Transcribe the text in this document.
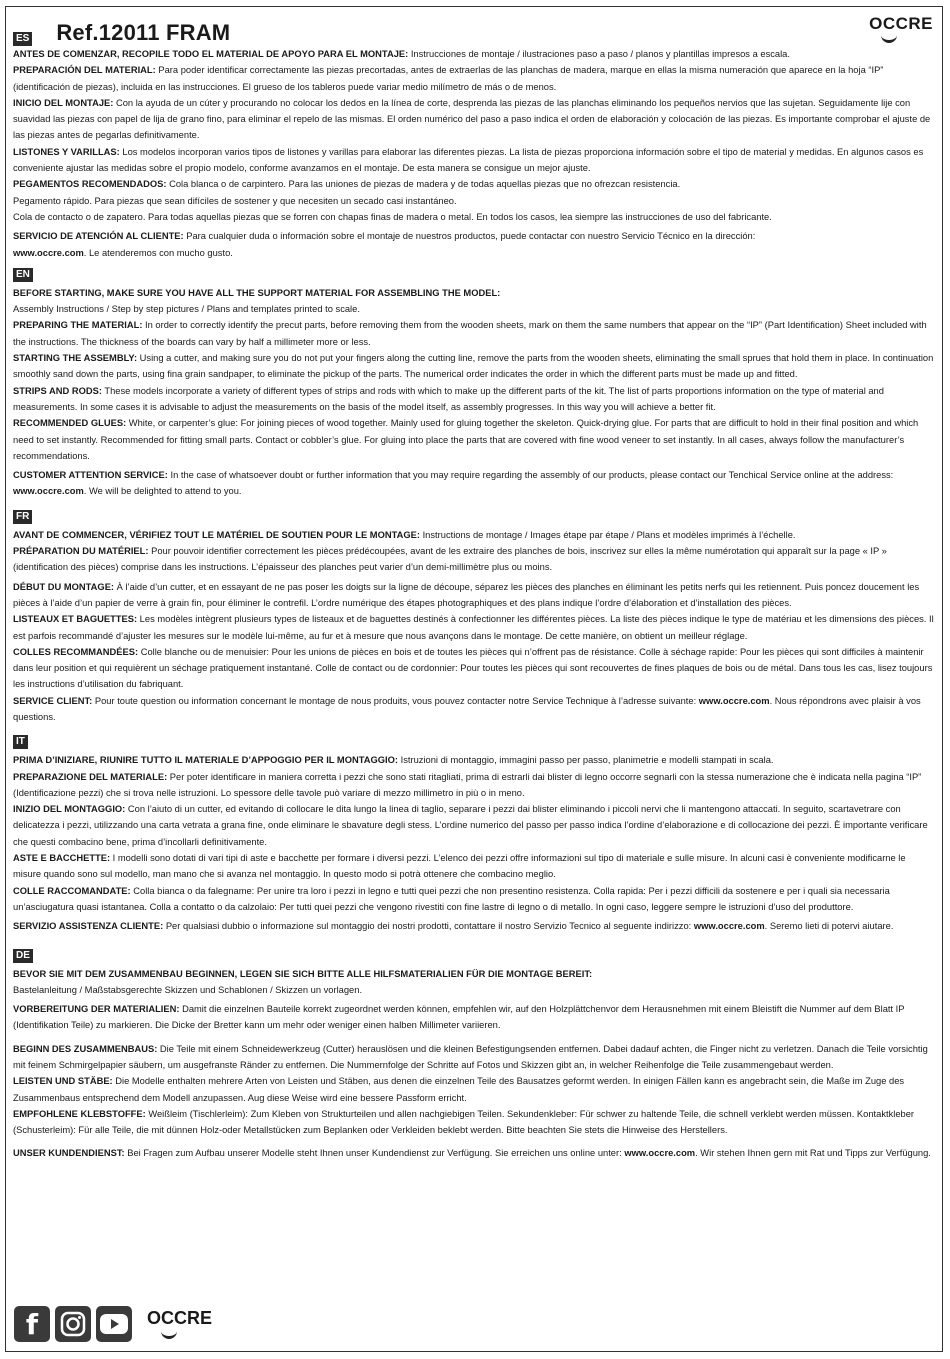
ES Ref.12011 FRAM	OCCRE

ANTES DE COMENZAR, RECOPILE TODO EL MATERIAL DE APOYO PARA EL MONTAJE: Instrucciones de montaje / ilustraciones paso a paso / planos y plantillas impresos a escala.

PREPARACIÓN DEL MATERIAL: Para poder identificar correctamente las piezas precortadas, antes de extraerlas de las planchas de madera, marque en ellas la misma numeración que aparece en la hoja “IP” (identificación de piezas), incluida en las instrucciones. El grueso de los tableros puede variar medio milímetro de más o de menos.

INICIO DEL MONTAJE: Con la ayuda de un cúter y procurando no colocar los dedos en la línea de corte, desprenda las piezas de las planchas eliminando los pequeños nervios que las sujetan. Seguidamente lije con suavidad las piezas con papel de lija de grano fino, para eliminar el repelo de las mismas. El orden numérico del paso a paso indica el orden de elaboración y colocación de las piezas. Es importante comprobar el ajuste de las piezas antes de pegarlas definitivamente.

LISTONES Y VARILLAS: Los modelos incorporan varios tipos de listones y varillas para elaborar las diferentes piezas. La lista de piezas proporciona información sobre el tipo de material y medidas. En algunos casos es conveniente ajustar las medidas sobre el propio modelo, conforme avanzamos en el montaje. De esta manera se consigue un mejor ajuste.

PEGAMENTOS RECOMENDADOS: Cola blanca o de carpintero. Para las uniones de piezas de madera y de todas aquellas piezas que no ofrezcan resistencia.

Pegamento rápido. Para piezas que sean difíciles de sostener y que necesiten un secado casi instantáneo.

Cola de contacto o de zapatero. Para todas aquellas piezas que se forren con chapas finas de madera o metal. En todos los casos, lea siempre las instrucciones de uso del fabricante.

SERVICIO DE ATENCIÓN AL CLIENTE: Para cualquier duda o información sobre el montaje de nuestros productos, puede contactar con nuestro Servicio Técnico en la dirección:
www.occre.com. Le atenderemos con mucho gusto.

EN

BEFORE STARTING, MAKE SURE YOU HAVE ALL THE SUPPORT MATERIAL FOR ASSEMBLING THE MODEL:

Assembly Instructions / Step by step pictures / Plans and templates printed to scale.

PREPARING THE MATERIAL: In order to correctly identify the precut parts, before removing them from the wooden sheets, mark on them the same numbers that appear on the “IP” (Part Identification) Sheet included with the instructions. The thickness of the boards can vary by half a millimeter more or less.

STARTING THE ASSEMBLY: Using a cutter, and making sure you do not put your fingers along the cutting line, remove the parts from the wooden sheets, eliminating the small sprues that hold them in place. In continuation smoothly sand down the parts, using fina grain sandpaper, to eliminate the pickup of the parts. The numerical order indicates the order in which the different parts must be made up and fitted.

STRIPS AND RODS: These models incorporate a variety of different types of strips and rods with which to make up the different parts of the kit. The list of parts proportions information on the type of material and measurements. In some cases it is advisable to adjust the measurements on the basis of the model itself, as assembly progresses. In this way you will achieve a better fit.

RECOMMENDED GLUES: White, or carpenter’s glue: For joining pieces of wood together. Mainly used for gluing together the skeleton. Quick-drying glue. For parts that are difficult to hold in their final position and which need to set instantly. Recommended for fitting small parts. Contact or cobbler’s glue. For gluing into place the parts that are covered with fine wood veneer to set instantly. In all cases, always follow the manufacturer’s recommendations.

CUSTOMER ATTENTION SERVICE: In the case of whatsoever doubt or further information that you may require regarding the assembly of our products, please contact our Tenchical Service online at the address: www.occre.com. We will be delighted to attend to you.

FR

AVANT DE COMMENCER, VÉRIFIEZ TOUT LE MATÉRIEL DE SOUTIEN POUR LE MONTAGE: Instructions de montage / Images étape par étape / Plans et modèles imprimés à l’échelle.

PRÉPARATION DU MATÉRIEL: Pour pouvoir identifier correctement les pièces prédécoupées, avant de les extraire des planches de bois, inscrivez sur elles la même numérotation qui apparaît sur la page « IP » (identification des pièces) comprise dans les instructions. L’épaisseur des planches peut varier d’un demi-millimètre plus ou moins.

DÉBUT DU MONTAGE: À l’aide d’un cutter, et en essayant de ne pas poser les doigts sur la ligne de découpe, séparez les pièces des planches en éliminant les petits nerfs qui les retiennent. Puis poncez doucement les pièces à l’aide d’un papier de verre à grain fin, pour éliminer le contrefil. L’ordre numérique des étapes photographiques et des plans indique l’ordre d’élaboration et d’installation des pièces.

LISTEAUX ET BAGUETTES: Les modèles intègrent plusieurs types de listeaux et de baguettes destinés à confectionner les différentes pièces. La liste des pièces indique le type de matériau et les dimensions des pièces. Il est parfois recommandé d’ajuster les mesures sur le modèle lui-même, au fur et à mesure que nous avançons dans le montage. De cette manière, on obtient un meilleur réglage.

COLLES RECOMMANDÉES: Colle blanche ou de menuisier: Pour les unions de pièces en bois et de toutes les pièces qui n’offrent pas de résistance. Colle à séchage rapide: Pour les pièces qui sont difficiles à maintenir dans leur position et qui requièrent un séchage pratiquement instantané. Colle de contact ou de cordonnier: Pour toutes les pièces qui sont recouvertes de fines plaques de bois ou de métal. Dans tous les cas, lisez toujours les instructions d’utilisation du fabriquant.

SERVICE CLIENT: Pour toute question ou information concernant le montage de nous produits, vous pouvez contacter notre Service Technique à l’adresse suivante: www.occre.com. Nous répondrons avec plaisir à vos questions.

IT

PRIMA D’INIZIARE, RIUNIRE TUTTO IL MATERIALE D’APPOGGIO PER IL MONTAGGIO: Istruzioni di montaggio, immagini passo per passo, planimetrie e modelli stampati in scala.

PREPARAZIONE DEL MATERIALE: Per poter identificare in maniera corretta i pezzi che sono stati ritagliati, prima di estrarli dai blister di legno occorre segnarli con la stessa numerazione che è indicata nella pagina “IP” (Identificazione pezzi) che si trova nelle istruzioni. Lo spessore delle tavole può variare di mezzo millimetro in più o in meno.

INIZIO DEL MONTAGGIO: Con l’aiuto di un cutter, ed evitando di collocare le dita lungo la linea di taglio, separare i pezzi dai blister eliminando i piccoli nervi che li mantengono attaccati. In seguito, scartavetrare con delicatezza i pezzi, utilizzando una carta vetrata a grana fine, onde eliminare le sbavature degli stess. L’ordine numerico del passo per passo indica l’ordine d’elaborazione e di collocazione dei pezzi. È importante verificare che questi combacino bene, prima d’incollarli definitivamente.

ASTE E BACCHETTE: I modelli sono dotati di vari tipi di aste e bacchette per formare i diversi pezzi. L’elenco dei pezzi offre informazioni sul tipo di materiale e sulle misure. In alcuni casi è conveniente modificarne le misure quando sono sul modello, man mano che si avanza nel montaggio. In questo modo si potrà ottenere che combacino meglio.

COLLE RACCOMANDATE: Colla bianca o da falegname: Per unire tra loro i pezzi in legno e tutti quei pezzi che non presentino resistenza. Colla rapida: Per i pezzi difficili da sostenere e per i quali sia necessaria un’asciugatura quasi istantanea. Colla a contatto o da calzolaio: Per tutti quei pezzi che vengono rivestiti con fine lastre di legno o di metallo. In ogni caso, leggere sempre le istruzioni d’uso del produttore.

SERVIZIO ASSISTENZA CLIENTE: Per qualsiasi dubbio o informazione sul montaggio dei nostri prodotti, contattare il nostro Servizio Tecnico al seguente indirizzo: www.occre.com. Seremo lieti di potervi aiutare.

DE

BEVOR SIE MIT DEM ZUSAMMENBAU BEGINNEN, LEGEN SIE SICH BITTE ALLE HILFSMATERIALIEN FÜR DIE MONTAGE BEREIT:

Bastelanleitung / Maßstabsgerechte Skizzen und Schablonen / Skizzen un vorlagen.

VORBEREITUNG DER MATERIALIEN: Damit die einzelnen Bauteile korrekt zugeordnet werden können, empfehlen wir, auf den Holzplättchenvor dem Herausnehmen mit einem Bleistift die Nummer auf dem Blatt IP (Identifikation Teile) zu markieren. Die Dicke der Bretter kann um mehr oder weniger einen halben Millimeter variieren.

BEGINN DES ZUSAMMENBAUS: Die Teile mit einem Schneidewerkzeug (Cutter) herauslösen und die kleinen Befestigungsenden entfernen. Dabei dadauf achten, die Finger nicht zu verletzen. Danach die Teile vorsichtig mit feinem Schmirgelpapier säubern, um ausgefranste Ränder zu entfernen. Die Nummernfolge der Schritte auf Fotos und Skizzen gibt an, in welcher Reihenfolge die Teile zusammengebaut werden.

LEISTEN UND STÄBE: Die Modelle enthalten mehrere Arten von Leisten und Stäben, aus denen die einzelnen Teile des Bausatzes geformt werden. In einigen Fällen kann es angebracht sein, die Maße im Zuge des Zusammenbaus entsprechend dem Modell anzupassen. Aug diese Weise wird eine bessere Passform erricht.

EMPFOHLENE KLEBSTOFFE: Weißleim (Tischlerleim): Zum Kleben von Strukturteilen und allen nachgiebigen Teilen. Sekundenkleber: Für schwer zu haltende Teile, die schnell verklebt werden müssen. Kontaktkleber (Schusterleim): Für alle Teile, die mit dünnen Holz-oder Metallstücken zum Beplanken oder Verkleiden beklebt werden. Bitte beachten Sie stets die Hinweise des Herstellers.

UNSER KUNDENDIENST: Bei Fragen zum Aufbau unserer Modelle steht Ihnen unser Kundendienst zur Verfügung. Sie erreichen uns online unter: www.occre.com. Wir stehen Ihnen gern mit Rat und Tipps zur Verfügung.

f	OCCRE
